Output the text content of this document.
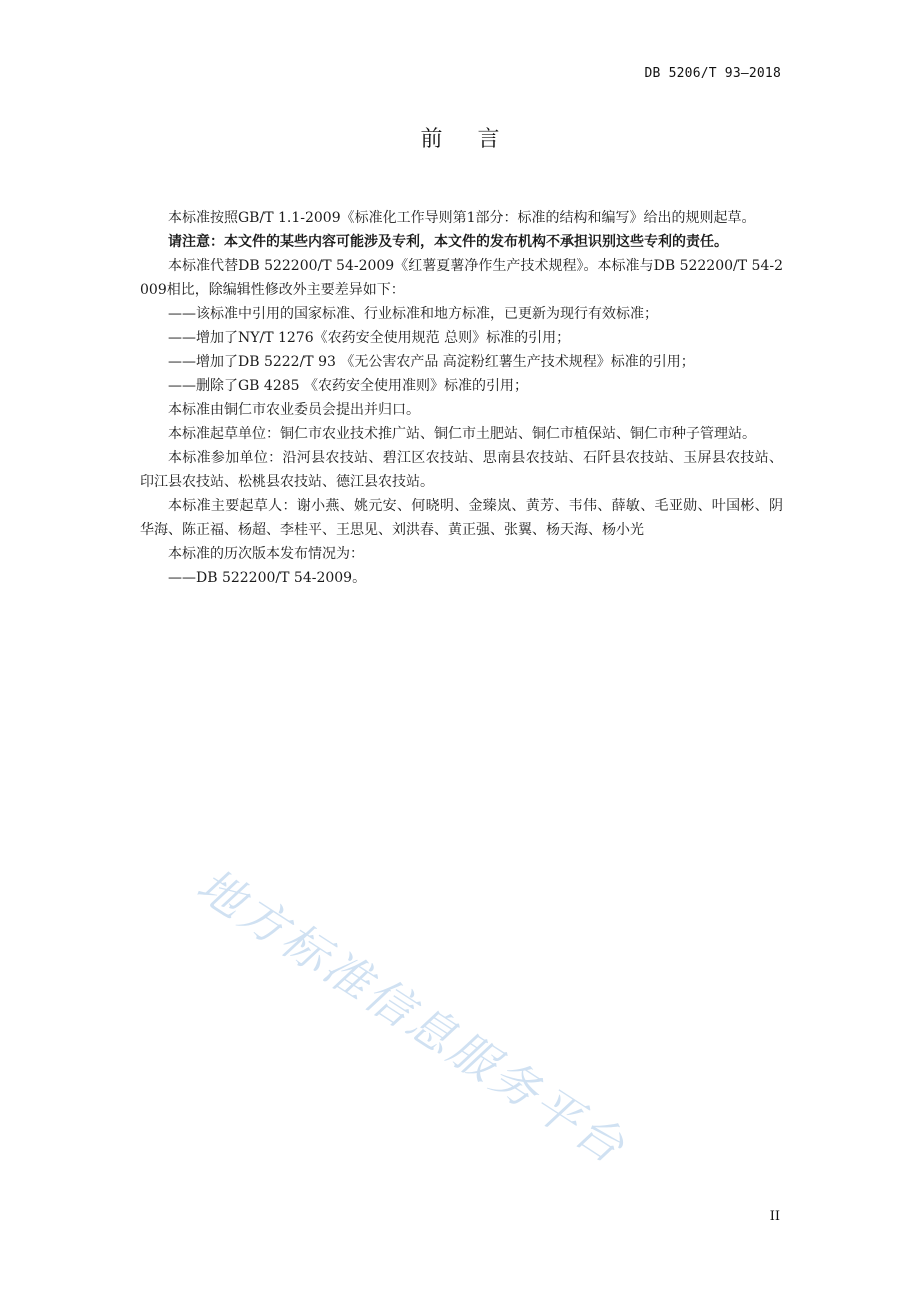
DB 5206/T 93—2018
前 言

本标准按照GB/T 1.1-2009《标准化工作导则第1部分：标准的结构和编写》给出的规则起草。

请注意：本文件的某些内容可能涉及专利，本文件的发布机构不承担识别这些专利的责任。

本标准代替DB 522200/T 54-2009《红薯夏薯净作生产技术规程》。本标准与DB 522200/T 54-2009相比，除编辑性修改外主要差异如下：

——该标准中引用的国家标准、行业标准和地方标准，已更新为现行有效标准；

——增加了NY/T 1276《农药安全使用规范 总则》标准的引用；

——增加了DB 5222/T 93 《无公害农产品 高淀粉红薯生产技术规程》标准的引用；

——删除了GB 4285 《农药安全使用准则》标准的引用；

本标准由铜仁市农业委员会提出并归口。

本标准起草单位：铜仁市农业技术推广站、铜仁市土肥站、铜仁市植保站、铜仁市种子管理站。

本标准参加单位：沿河县农技站、碧江区农技站、思南县农技站、石阡县农技站、玉屏县农技站、印江县农技站、松桃县农技站、德江县农技站。

本标准主要起草人：谢小燕、姚元安、何晓明、金臻岚、黄芳、韦伟、薛敏、毛亚勋、叶国彬、阴华海、陈正福、杨超、李桂平、王思见、刘洪春、黄正强、张翼、杨天海、杨小光

本标准的历次版本发布情况为：

——DB 522200/T 54-2009。

地方标准信息服务平台
II
